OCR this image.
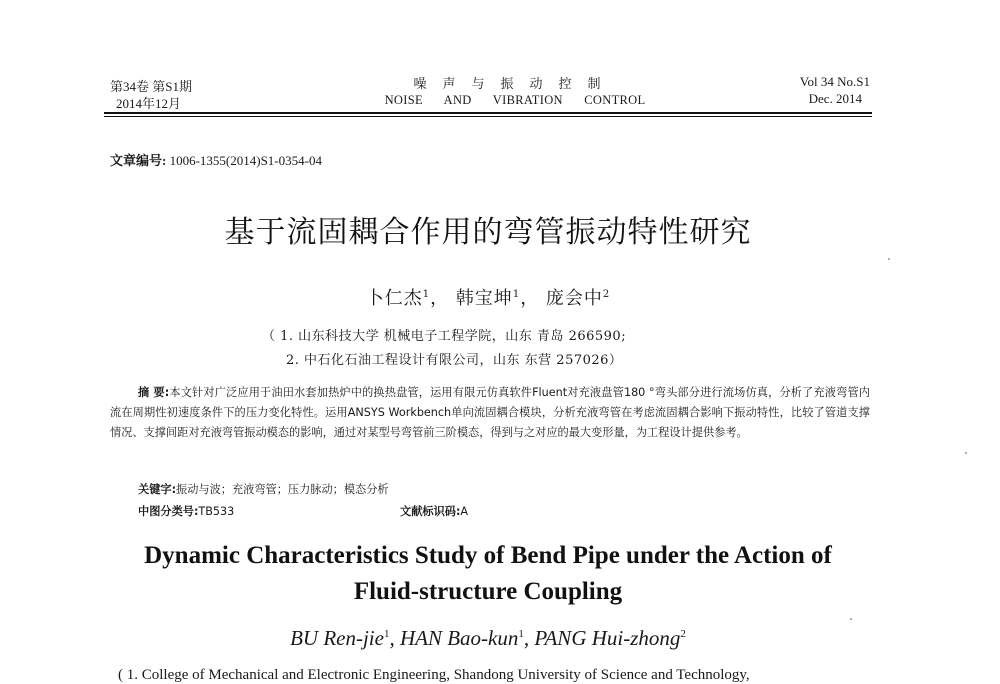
第34卷 第S1期
2014年12月
噪声与振动控制
NOISE AND VIBRATION CONTROL
Vol 34 No.S1
Dec. 2014
文章编号: 1006-1355(2014)S1-0354-04
基于流固耦合作用的弯管振动特性研究
卜仁杰$^1$， 韩宝坤$^1$， 庞会中$^2$
（ 1. 山东科技大学 机械电子工程学院，山东 青岛 266590;
2. 中石化石油工程设计有限公司，山东 东营 257026）
摘 要:本文针对广泛应用于油田水套加热炉中的换热盘管，运用有限元仿真软件Fluent对充液盘管180 °弯头部分进行流场仿真，分析了充液弯管内流在周期性初速度条件下的压力变化特性。运用ANSYS Workbench单向流固耦合模块，分析充液弯管在考虑流固耦合影响下振动特性，比较了管道支撑情况、支撑间距对充液弯管振动模态的影响，通过对某型号弯管前三阶模态，得到与之对应的最大变形量，为工程设计提供参考。
关键字:振动与波；充液弯管；压力脉动；模态分析
中图分类号:TB533	文献标识码:A
Dynamic Characteristics Study of Bend Pipe under the Action of
Fluid-structure Coupling
BU Ren-jie$^1$, HAN Bao-kun$^1$, PANG Hui-zhong$^2$
( 1. College of Mechanical and Electronic Engineering, Shandong University of Science and Technology,
